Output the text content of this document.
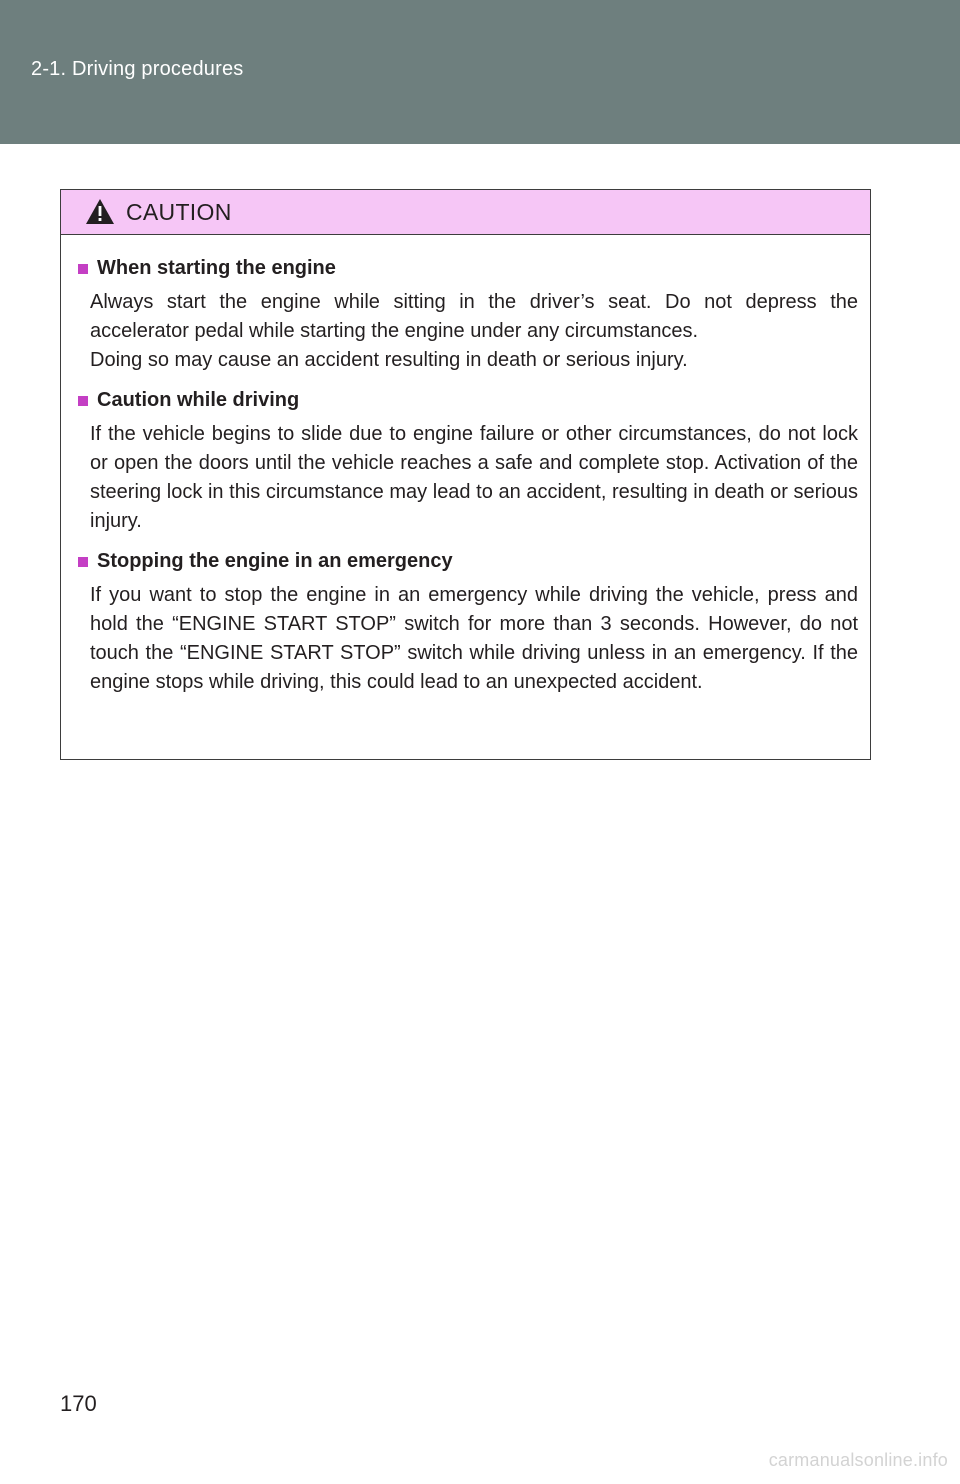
2-1. Driving procedures
CAUTION
When starting the engine
Always start the engine while sitting in the driver’s seat. Do not depress the accelerator pedal while starting the engine under any circumstances.
Doing so may cause an accident resulting in death or serious injury.
Caution while driving
If the vehicle begins to slide due to engine failure or other circumstances, do not lock or open the doors until the vehicle reaches a safe and complete stop. Activation of the steering lock in this circumstance may lead to an accident, resulting in death or serious injury.
Stopping the engine in an emergency
If you want to stop the engine in an emergency while driving the vehicle, press and hold the “ENGINE START STOP” switch for more than 3 seconds. However, do not touch the “ENGINE START STOP” switch while driving unless in an emergency. If the engine stops while driving, this could lead to an unexpected accident.
170
carmanualsonline.info
